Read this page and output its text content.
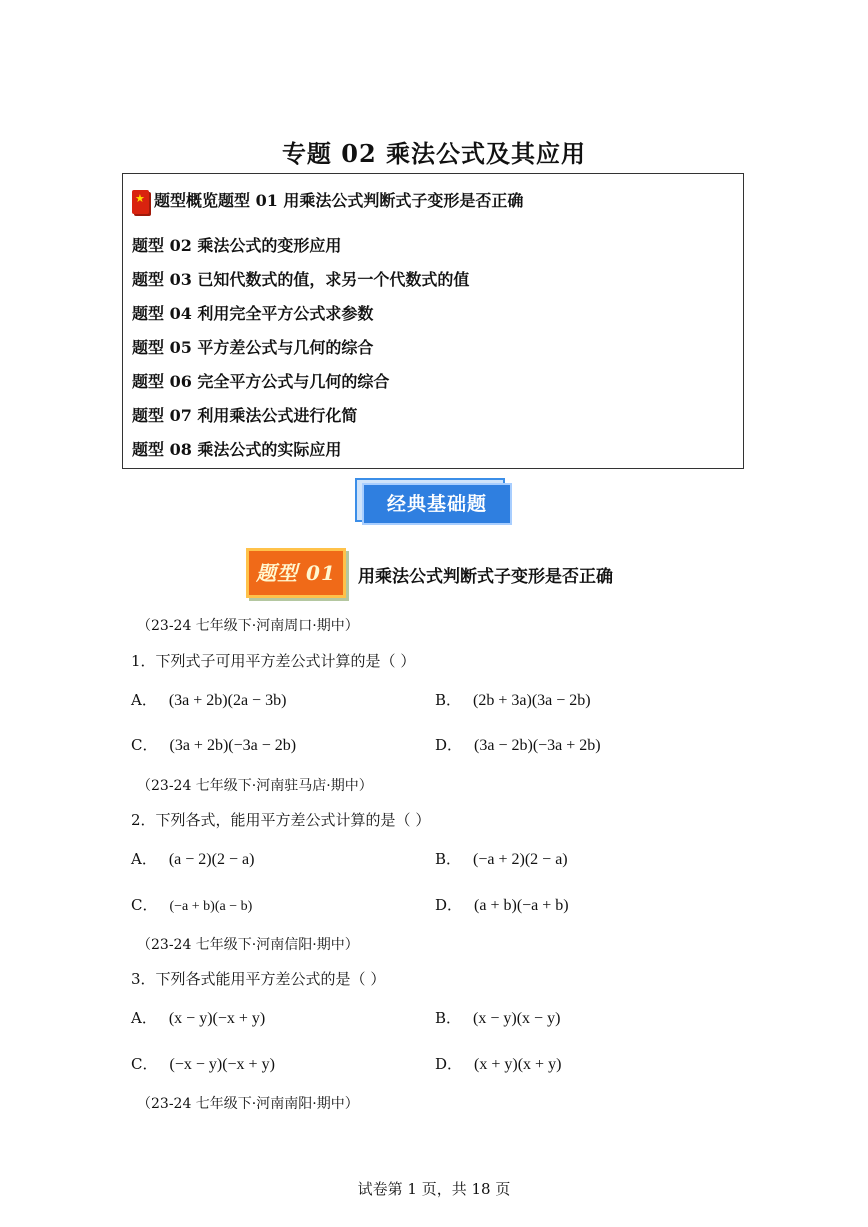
专题 02 乘法公式及其应用
★ 题型概览题型 01 用乘法公式判断式子变形是否正确
题型 02 乘法公式的变形应用
题型 03 已知代数式的值，求另一个代数式的值
题型 04 利用完全平方公式求参数
题型 05 平方差公式与几何的综合
题型 06 完全平方公式与几何的综合
题型 07 利用乘法公式进行化简
题型 08 乘法公式的实际应用
经典基础题
题型 01	用乘法公式判断式子变形是否正确
（23-24 七年级下·河南周口·期中）
1．下列式子可用平方差公式计算的是（ ）
A． (3a + 2b)(2a − 3b)	B． (2b + 3a)(3a − 2b)
C． (3a + 2b)(−3a − 2b)	D． (3a − 2b)(−3a + 2b)
（23-24 七年级下·河南驻马店·期中）
2．下列各式，能用平方差公式计算的是（ ）
A． (a − 2)(2 − a)	B． (−a + 2)(2 − a)
C． (−a + b)(a − b)	D． (a + b)(−a + b)
（23-24 七年级下·河南信阳·期中）
3．下列各式能用平方差公式的是（ ）
A． (x − y)(−x + y)	B． (x − y)(x − y)
C． (−x − y)(−x + y)	D． (x + y)(x + y)
（23-24 七年级下·河南南阳·期中）
试卷第 1 页，共 18 页
